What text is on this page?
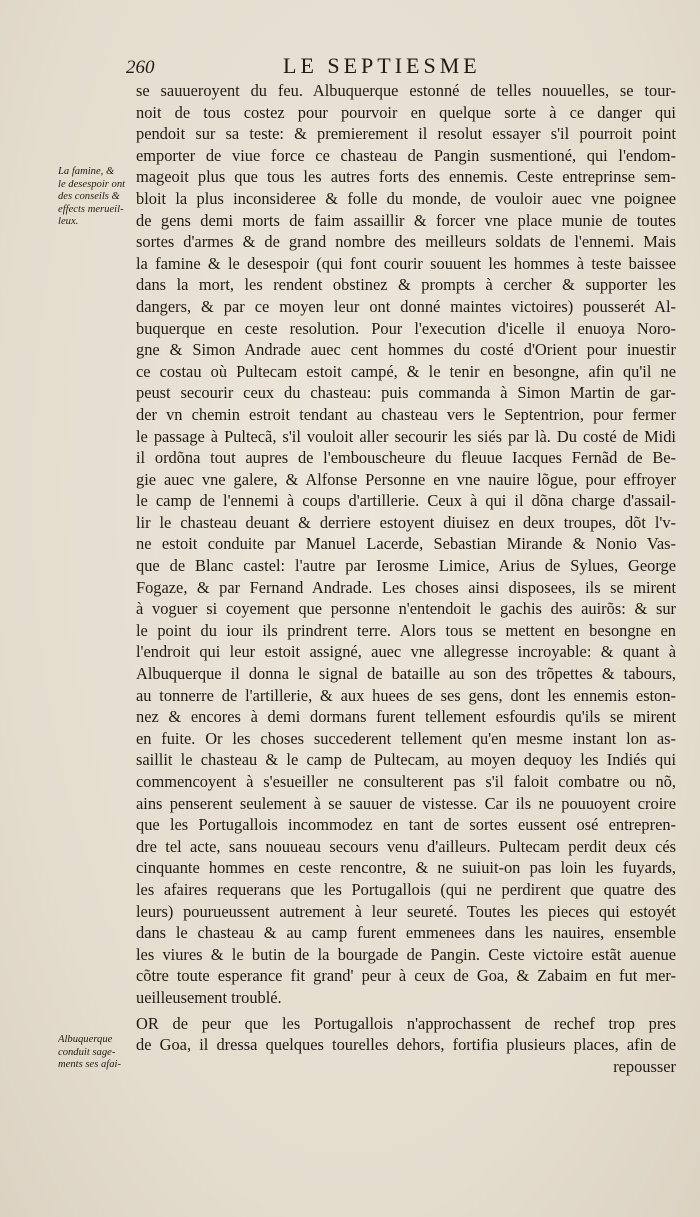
260	LE SEPTIESME
La famine, &
le desespoir ont
des conseils &
effects merueil-
leux.
Albuquerque
conduit sage-
ments ses afai-
se sauueroyent du feu. Albuquerque estonné de telles nouuelles, se tour-
noit de tous costez pour pourvoir en quelque sorte à ce danger qui
pendoit sur sa teste: & premierement il resolut essayer s'il pourroit point
emporter de viue force ce chasteau de Pangin susmentioné, qui l'endom-
mageoit plus que tous les autres forts des ennemis. Ceste entreprinse sem-
bloit la plus inconsideree & folle du monde, de vouloir auec vne poignee
de gens demi morts de faim assaillir & forcer vne place munie de toutes
sortes d'armes & de grand nombre des meilleurs soldats de l'ennemi. Mais
la famine & le desespoir (qui font courir souuent les hommes à teste baissee
dans la mort, les rendent obstinez & prompts à cercher & supporter les
dangers, & par ce moyen leur ont donné maintes victoires) pousserét Al-
buquerque en ceste resolution. Pour l'execution d'icelle il enuoya Noro-
gne & Simon Andrade auec cent hommes du costé d'Orient pour inuestir
ce costau où Pultecam estoit campé, & le tenir en besongne, afin qu'il ne
peust secourir ceux du chasteau: puis commanda à Simon Martin de gar-
der vn chemin estroit tendant au chasteau vers le Septentrion, pour fermer
le passage à Pultecã, s'il vouloit aller secourir les siés par là. Du costé de Midi
il ordõna tout aupres de l'embouscheure du fleuue Iacques Fernãd de Be-
gie auec vne galere, & Alfonse Personne en vne nauire lõgue, pour effroyer
le camp de l'ennemi à coups d'artillerie. Ceux à qui il dõna charge d'assail-
lir le chasteau deuant & derriere estoyent diuisez en deux troupes, dõt l'v-
ne estoit conduite par Manuel Lacerde, Sebastian Mirande & Nonio Vas-
que de Blanc castel: l'autre par Ierosme Limice, Arius de Sylues, George
Fogaze, & par Fernand Andrade. Les choses ainsi disposees, ils se mirent
à voguer si coyement que personne n'entendoit le gachis des auirõs: & sur
le point du iour ils prindrent terre. Alors tous se mettent en besongne en
l'endroit qui leur estoit assigné, auec vne allegresse incroyable: & quant à
Albuquerque il donna le signal de bataille au son des trõpettes & tabours,
au tonnerre de l'artillerie, & aux huees de ses gens, dont les ennemis eston-
nez & encores à demi dormans furent tellement esfourdis qu'ils se mirent
en fuite. Or les choses succederent tellement qu'en mesme instant lon as-
saillit le chasteau & le camp de Pultecam, au moyen dequoy les Indiés qui
commencoyent à s'esueiller ne consulterent pas s'il faloit combatre ou nõ,
ains penserent seulement à se sauuer de vistesse. Car ils ne pouuoyent croire
que les Portugallois incommodez en tant de sortes eussent osé entrepren-
dre tel acte, sans nouueau secours venu d'ailleurs. Pultecam perdit deux cés
cinquante hommes en ceste rencontre, & ne suiuit-on pas loin les fuyards,
les afaires requerans que les Portugallois (qui ne perdirent que quatre des
leurs) pourueussent autrement à leur seureté. Toutes les pieces qui estoyét
dans le chasteau & au camp furent emmenees dans les nauires, ensemble
les viures & le butin de la bourgade de Pangin. Ceste victoire estãt auenue
cõtre toute esperance fit grand' peur à ceux de Goa, & Zabaim en fut mer-
ueilleusement troublé.
OR de peur que les Portugallois n'approchassent de rechef trop pres
de Goa, il dressa quelques tourelles dehors, fortifia plusieurs places, afin de
repousser
